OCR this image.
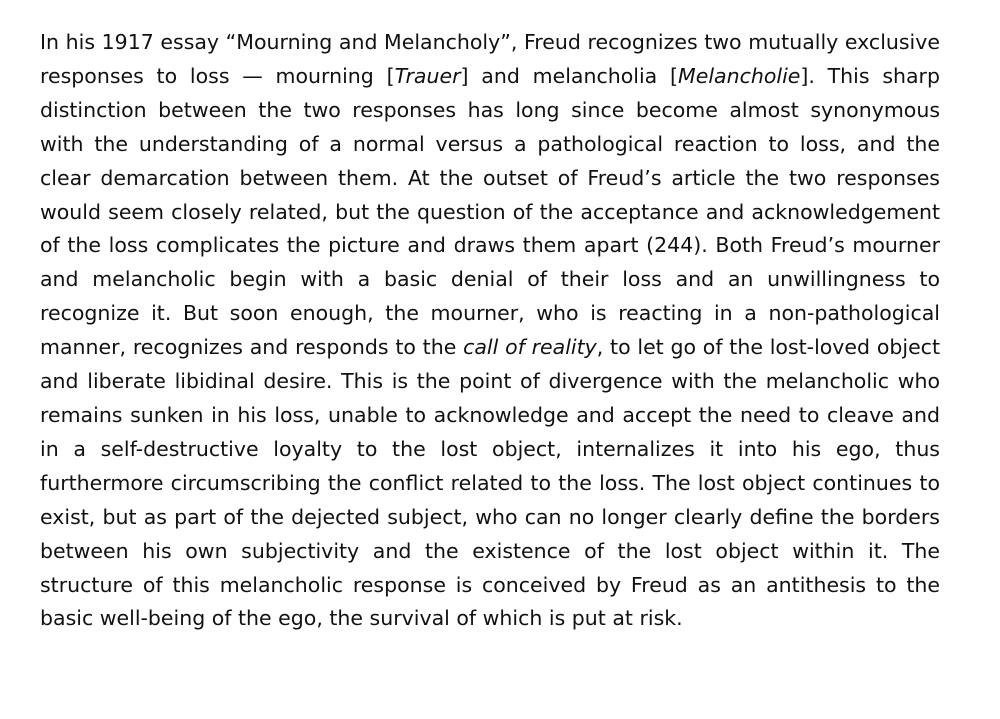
In his 1917 essay “Mourning and Melancholy”, Freud recognizes two mutually exclusive responses to loss — mourning [Trauer] and melancholia [Melancholie]. This sharp distinction between the two responses has long since become almost synonymous with the understanding of a normal versus a pathological reaction to loss, and the clear demarcation between them. At the outset of Freud’s article the two responses would seem closely related, but the question of the acceptance and acknowledgement of the loss complicates the picture and draws them apart (244). Both Freud’s mourner and melancholic begin with a basic denial of their loss and an unwillingness to recognize it. But soon enough, the mourner, who is reacting in a non-pathological manner, recognizes and responds to the call of reality, to let go of the lost-loved object and liberate libidinal desire. This is the point of divergence with the melancholic who remains sunken in his loss, unable to acknowledge and accept the need to cleave and in a self-destructive loyalty to the lost object, internalizes it into his ego, thus furthermore circumscribing the conflict related to the loss. The lost object continues to exist, but as part of the dejected subject, who can no longer clearly define the borders between his own subjectivity and the existence of the lost object within it. The structure of this melancholic response is conceived by Freud as an antithesis to the basic well-being of the ego, the survival of which is put at risk.
